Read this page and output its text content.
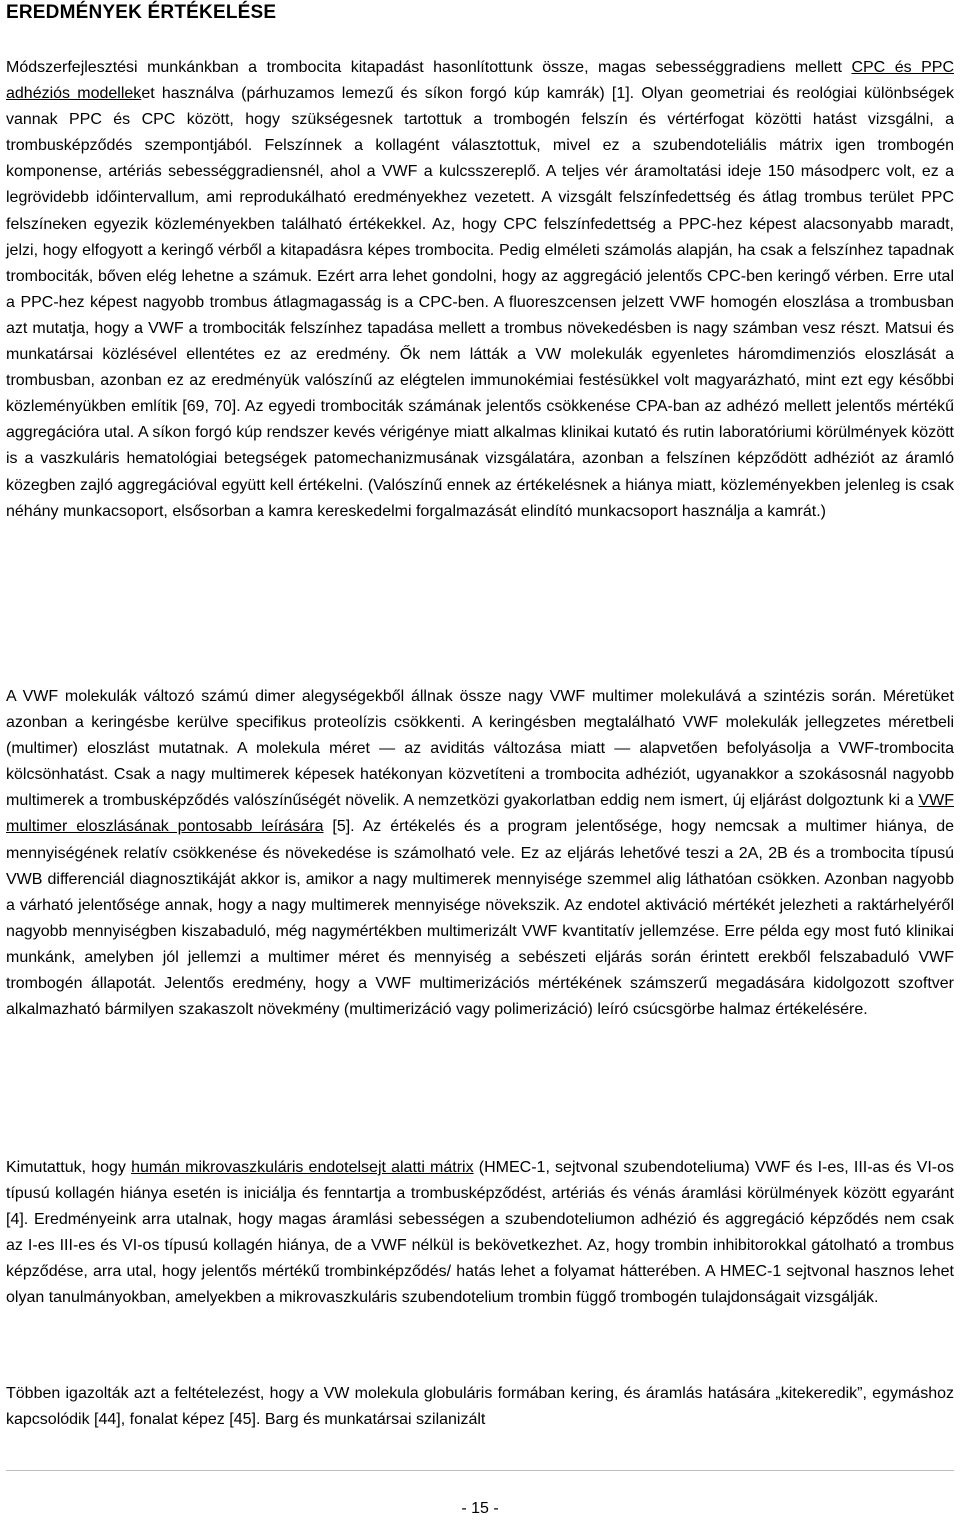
EREDMÉNYEK ÉRTÉKELÉSE

Módszerfejlesztési munkánkban a trombocita kitapadást hasonlítottunk össze, magas sebességgradiens mellett CPC és PPC adhéziós modelleket használva (párhuzamos lemezű és síkon forgó kúp kamrák) [1]. Olyan geometriai és reológiai különbségek vannak PPC és CPC között, hogy szükségesnek tartottuk a trombogén felszín és vértérfogat közötti hatást vizsgálni, a trombusképződés szempontjából. Felszínnek a kollagént választottuk, mivel ez a szubendoteliális mátrix igen trombogén komponense, artériás sebességgradiensnél, ahol a VWF a kulcsszereplő. A teljes vér áramoltatási ideje 150 másodperc volt, ez a legrövidebb időintervallum, ami reprodukálható eredményekhez vezetett. A vizsgált felszínfedettség és átlag trombus terület PPC felszíneken egyezik közleményekben található értékekkel. Az, hogy CPC felszínfedettség a PPC-hez képest alacsonyabb maradt, jelzi, hogy elfogyott a keringő vérből a kitapadásra képes trombocita. Pedig elméleti számolás alapján, ha csak a felszínhez tapadnak trombociták, bőven elég lehetne a számuk. Ezért arra lehet gondolni, hogy az aggregáció jelentős CPC-ben keringő vérben. Erre utal a PPC-hez képest nagyobb trombus átlagmagasság is a CPC-ben. A fluoreszcensen jelzett VWF homogén eloszlása a trombusban azt mutatja, hogy a VWF a trombociták felszínhez tapadása mellett a trombus növekedésben is nagy számban vesz részt. Matsui és munkatársai közlésével ellentétes ez az eredmény. Ők nem látták a VW molekulák egyenletes háromdimenziós eloszlását a trombusban, azonban ez az eredményük valószínű az elégtelen immunokémiai festésükkel volt magyarázható, mint ezt egy későbbi közleményükben említik [69, 70]. Az egyedi trombociták számának jelentős csökkenése CPA-ban az adhézó mellett jelentős mértékű aggregációra utal. A síkon forgó kúp rendszer kevés vérigénye miatt alkalmas klinikai kutató és rutin laboratóriumi körülmények között is a vaszkuláris hematológiai betegségek patomechanizmusának vizsgálatára, azonban a felszínen képződött adhéziót az áramló közegben zajló aggregációval együtt kell értékelni. (Valószínű ennek az értékelésnek a hiánya miatt, közleményekben jelenleg is csak néhány munkacsoport, elsősorban a kamra kereskedelmi forgalmazását elindító munkacsoport használja a kamrát.)

A VWF molekulák változó számú dimer alegységekből állnak össze nagy VWF multimer molekulává a szintézis során. Méretüket azonban a keringésbe kerülve specifikus proteolízis csökkenti. A keringésben megtalálható VWF molekulák jellegzetes méretbeli (multimer) eloszlást mutatnak. A molekula méret — az aviditás változása miatt — alapvetően befolyásolja a VWF-trombocita kölcsönhatást. Csak a nagy multimerek képesek hatékonyan közvetíteni a trombocita adhéziót, ugyanakkor a szokásosnál nagyobb multimerek a trombusképződés valószínűségét növelik. A nemzetközi gyakorlatban eddig nem ismert, új eljárást dolgoztunk ki a VWF multimer eloszlásának pontosabb leírására [5]. Az értékelés és a program jelentősége, hogy nemcsak a multimer hiánya, de mennyiségének relatív csökkenése és növekedése is számolható vele. Ez az eljárás lehetővé teszi a 2A, 2B és a trombocita típusú VWB differenciál diagnosztikáját akkor is, amikor a nagy multimerek mennyisége szemmel alig láthatóan csökken. Azonban nagyobb a várható jelentősége annak, hogy a nagy multimerek mennyisége növekszik. Az endotel aktiváció mértékét jelezheti a raktárhelyéről nagyobb mennyiségben kiszabaduló, még nagymértékben multimerizált VWF kvantitatív jellemzése. Erre példa egy most futó klinikai munkánk, amelyben jól jellemzi a multimer méret és mennyiség a sebészeti eljárás során érintett erekből felszabaduló VWF trombogén állapotát. Jelentős eredmény, hogy a VWF multimerizációs mértékének számszerű megadására kidolgozott szoftver alkalmazható bármilyen szakaszolt növekmény (multimerizáció vagy polimerizáció) leíró csúcsgörbe halmaz értékelésére.

Kimutattuk, hogy humán mikrovaszkuláris endotelsejt alatti mátrix (HMEC-1, sejtvonal szubendoteliuma) VWF és I-es, III-as és VI-os típusú kollagén hiánya esetén is iniciálja és fenntartja a trombusképződést, artériás és vénás áramlási körülmények között egyaránt [4]. Eredményeink arra utalnak, hogy magas áramlási sebességen a szubendoteliumon adhézió és aggregáció képződés nem csak az I-es III-es és VI-os típusú kollagén hiánya, de a VWF nélkül is bekövetkezhet. Az, hogy trombin inhibitorokkal gátolható a trombus képződése, arra utal, hogy jelentős mértékű trombinképződés/ hatás lehet a folyamat hátterében. A HMEC-1 sejtvonal hasznos lehet olyan tanulmányokban, amelyekben a mikrovaszkuláris szubendotelium trombin függő trombogén tulajdonságait vizsgálják.

Többen igazolták azt a feltételezést, hogy a VW molekula globuláris formában kering, és áramlás hatására „kitekeredik”, egymáshoz kapcsolódik [44], fonalat képez [45]. Barg és munkatársai szilanizált

- 15 -
